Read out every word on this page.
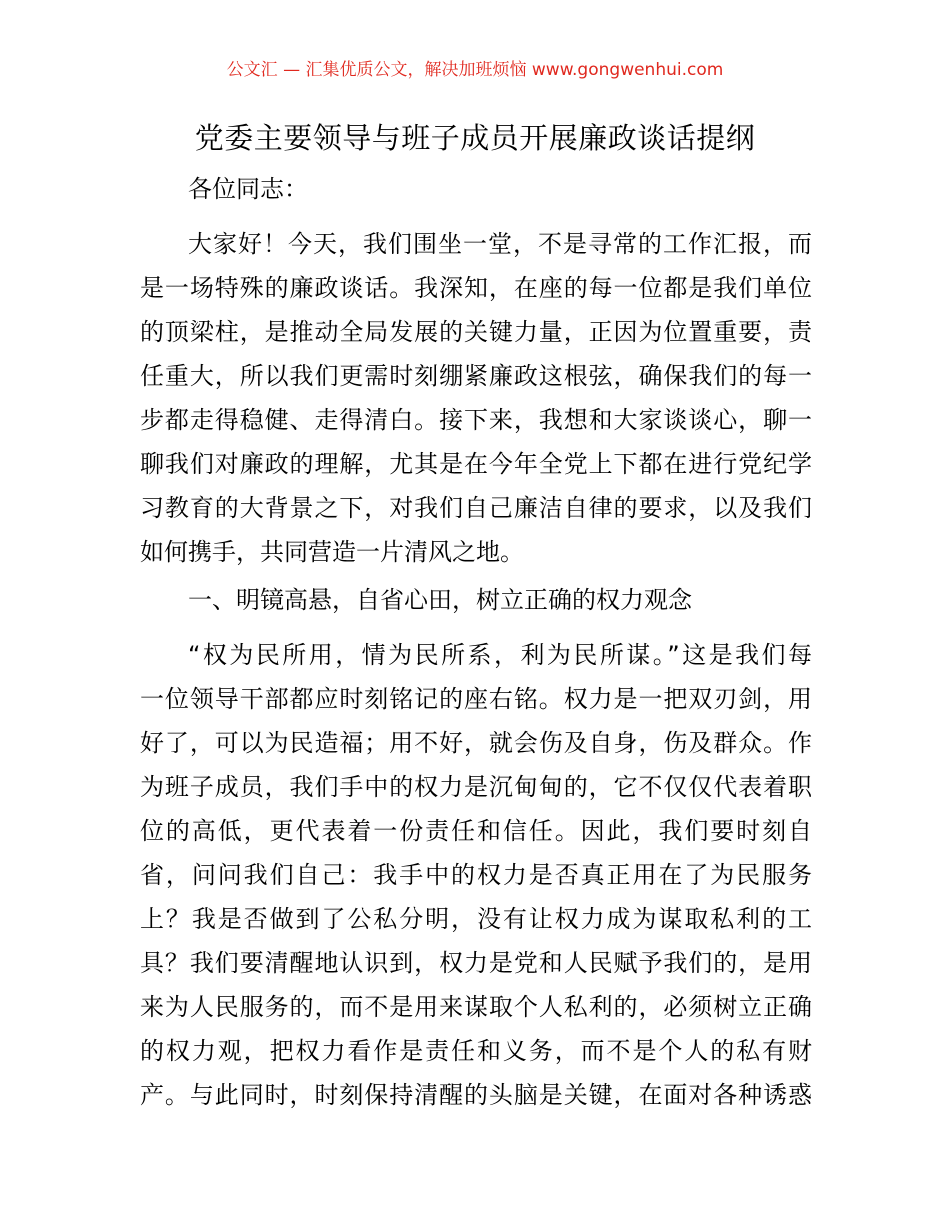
公文汇 — 汇集优质公文，解决加班烦恼 www.gongwenhui.com
党委主要领导与班子成员开展廉政谈话提纲
各位同志：
大家好！今天，我们围坐一堂，不是寻常的工作汇报，而
是一场特殊的廉政谈话。我深知，在座的每一位都是我们单位
的顶梁柱，是推动全局发展的关键力量，正因为位置重要，责
任重大，所以我们更需时刻绷紧廉政这根弦，确保我们的每一
步都走得稳健、走得清白。接下来，我想和大家谈谈心，聊一
聊我们对廉政的理解，尤其是在今年全党上下都在进行党纪学
习教育的大背景之下，对我们自己廉洁自律的要求，以及我们
如何携手，共同营造一片清风之地。
一、明镜高悬，自省心田，树立正确的权力观念
“权为民所用，情为民所系，利为民所谋。”这是我们每
一位领导干部都应时刻铭记的座右铭。权力是一把双刃剑，用
好了，可以为民造福；用不好，就会伤及自身，伤及群众。作
为班子成员，我们手中的权力是沉甸甸的，它不仅仅代表着职
位的高低，更代表着一份责任和信任。因此，我们要时刻自
省，问问我们自己：我手中的权力是否真正用在了为民服务
上？我是否做到了公私分明，没有让权力成为谋取私利的工
具？我们要清醒地认识到，权力是党和人民赋予我们的，是用
来为人民服务的，而不是用来谋取个人私利的，必须树立正确
的权力观，把权力看作是责任和义务，而不是个人的私有财
产。与此同时，时刻保持清醒的头脑是关键，在面对各种诱惑
